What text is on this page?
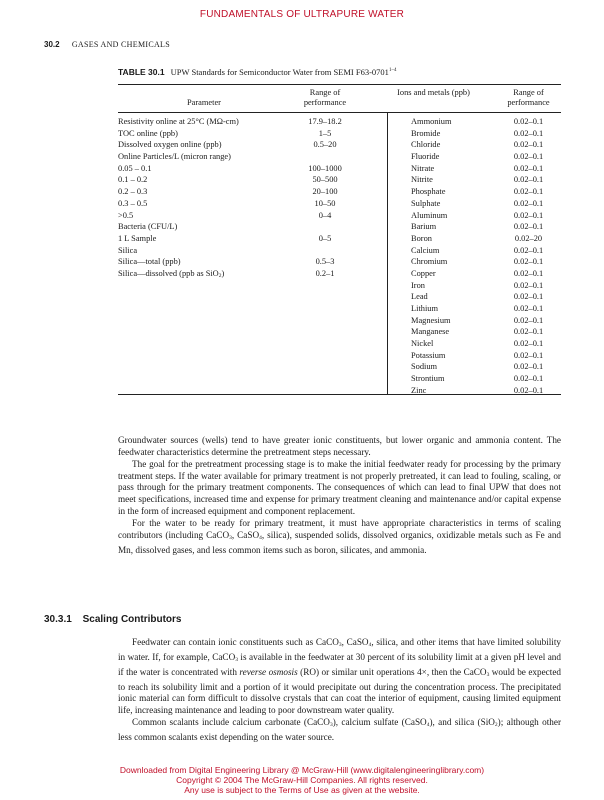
FUNDAMENTALS OF ULTRAPURE WATER
30.2 GASES AND CHEMICALS
TABLE 30.1 UPW Standards for Semiconductor Water from SEMI F63-0701$^{1-4}$
Parameter
Range of performance
Ions and metals (ppb)	Range of performance
Resistivity online at 25°C (MΩ-cm)
TOC online (ppb)
Dissolved oxygen online (ppb)
Online Particles/L (micron range)
0.05 – 0.1
0.1 – 0.2
0.2 – 0.3
0.3 – 0.5
>0.5
Bacteria (CFU/L)
1 L Sample
Silica
Silica—total (ppb)
Silica—dissolved (ppb as SiO2)
17.9–18.2
1–5
0.5–20
100–1000
50–500
20–100
10–50
0–4
0–5
0.5–3
0.2–1
Ammonium
Bromide
Chloride
Fluoride
Nitrate
Nitrite
Phosphate
Sulphate
Aluminum
Barium
Boron
Calcium
Chromium
Copper
Iron
Lead
Lithium
Magnesium
Manganese
Nickel
Potassium
Sodium
Strontium
Zinc
0.02–0.1
0.02–0.1
0.02–0.1
0.02–0.1
0.02–0.1
0.02–0.1
0.02–0.1
0.02–0.1
0.02–0.1
0.02–0.1
0.02–20
0.02–0.1
0.02–0.1
0.02–0.1
0.02–0.1
0.02–0.1
0.02–0.1
0.02–0.1
0.02–0.1
0.02–0.1
0.02–0.1
0.02–0.1
0.02–0.1
0.02–0.1

Groundwater sources (wells) tend to have greater ionic constituents, but lower organic and ammonia content. The feedwater characteristics determine the pretreatment steps necessary.

The goal for the pretreatment processing stage is to make the initial feedwater ready for processing by the primary treatment steps. If the water available for primary treatment is not properly pretreated, it can lead to fouling, scaling, or pass through for the primary treatment components. The consequences of which can lead to final UPW that does not meet specifications, increased time and expense for primary treatment cleaning and maintenance and/or capital expense in the form of increased equipment and component replacement.

For the water to be ready for primary treatment, it must have appropriate characteristics in terms of scaling contributors (including CaCO3, CaSO4, silica), suspended solids, dissolved organics, oxidizable metals such as Fe and Mn, dissolved gases, and less common items such as boron, silicates, and ammonia.

30.3.1 Scaling Contributors

Feedwater can contain ionic constituents such as CaCO3, CaSO4, silica, and other items that have limited solubility in water. If, for example, CaCO3 is available in the feedwater at 30 percent of its solubility limit at a given pH level and if the water is concentrated with reverse osmosis (RO) or similar unit operations 4×, then the CaCO3 would be expected to reach its solubility limit and a portion of it would precipitate out during the concentration process. The precipitated ionic material can form difficult to dissolve crystals that can coat the interior of equipment, causing limited equipment life, increasing maintenance and leading to poor downstream water quality.

Common scalants include calcium carbonate (CaCO3), calcium sulfate (CaSO4), and silica (SiO2); although other less common scalants exist depending on the water source.

Downloaded from Digital Engineering Library @ McGraw-Hill (www.digitalengineeringlibrary.com)
Copyright © 2004 The McGraw-Hill Companies. All rights reserved.
Any use is subject to the Terms of Use as given at the website.
